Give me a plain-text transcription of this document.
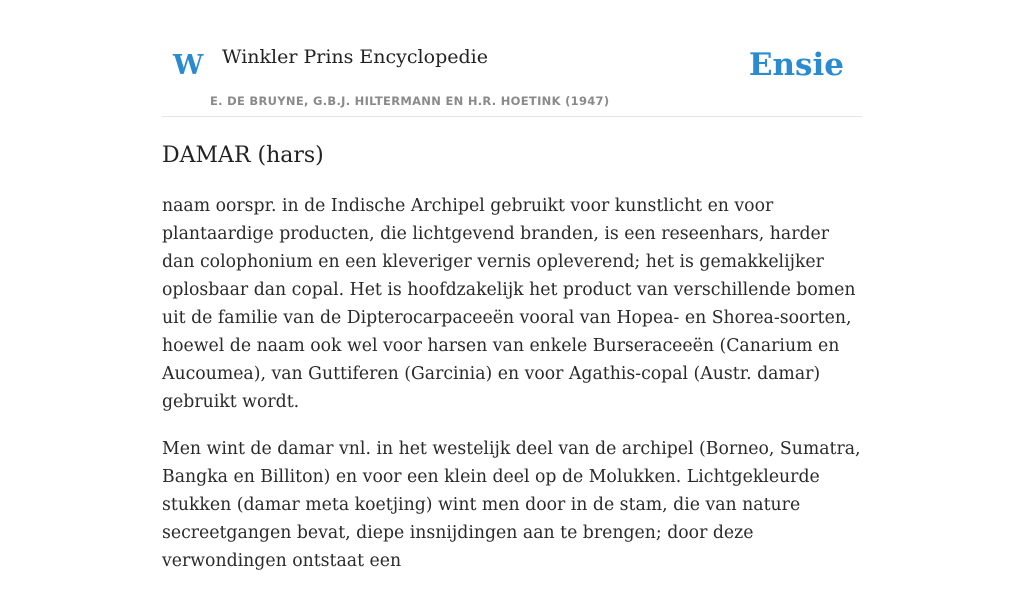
W Winkler Prins Encyclopedie
E. DE BRUYNE, G.B.J. HILTERMANN EN H.R. HOETINK (1947)
Ensie
DAMAR (hars)

naam oorspr. in de Indische Archipel gebruikt voor kunstlicht en voor plantaardige producten, die lichtgevend branden, is een reseenhars, harder dan colophonium en een kleveriger vernis opleverend; het is gemakkelijker oplosbaar dan copal. Het is hoofdzakelijk het product van verschillende bomen uit de familie van de Dipterocarpaceeën vooral van Hopea- en Shorea-soorten, hoewel de naam ook wel voor harsen van enkele Burseraceeën (Canarium en Aucoumea), van Guttiferen (Garcinia) en voor Agathis-copal (Austr. damar) gebruikt wordt.

Men wint de damar vnl. in het westelijk deel van de archipel (Borneo, Sumatra, Bangka en Billiton) en voor een klein deel op de Molukken. Lichtgekleurde stukken (damar meta koetjing) wint men door in de stam, die van nature secreetgangen bevat, diepe insnijdingen aan te brengen; door deze verwondingen ontstaat een
